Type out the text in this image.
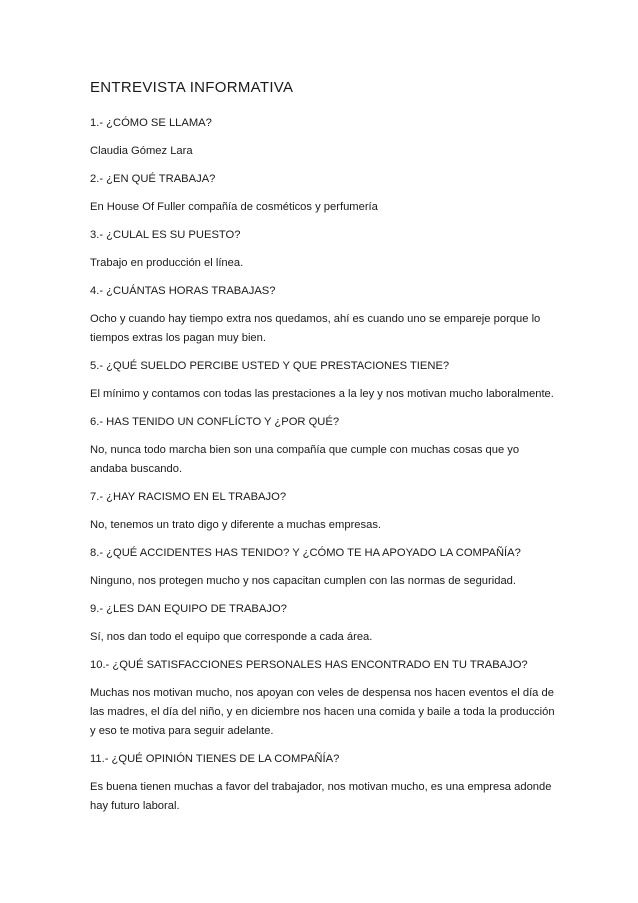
ENTREVISTA INFORMATIVA

1.- ¿CÓMO SE LLAMA?

Claudia Gómez Lara

2.- ¿EN QUÉ TRABAJA?

En House Of Fuller compañía de cosméticos y perfumería

3.- ¿CULAL ES SU PUESTO?

Trabajo en producción el línea.

4.- ¿CUÁNTAS HORAS TRABAJAS?

Ocho y cuando hay tiempo extra nos quedamos, ahí es cuando uno se empareje porque lo tiempos extras los pagan muy bien.

5.- ¿QUÉ SUELDO PERCIBE USTED Y QUE PRESTACIONES TIENE?

El mínimo y contamos con todas las prestaciones a la ley y nos motivan mucho laboralmente.

6.- HAS TENIDO UN CONFLÍCTO Y ¿POR QUÉ?

No, nunca todo marcha bien son una compañía que cumple con muchas cosas que yo andaba buscando.

7.- ¿HAY RACISMO EN EL TRABAJO?

No, tenemos un trato digo y diferente a muchas empresas.

8.- ¿QUÉ ACCIDENTES HAS TENIDO? Y ¿CÓMO TE HA APOYADO LA COMPAÑÍA?

Ninguno, nos protegen mucho y nos capacitan cumplen con las normas de seguridad.

9.- ¿LES DAN EQUIPO DE TRABAJO?

Sí, nos dan todo el equipo que corresponde a cada área.

10.- ¿QUÉ SATISFACCIONES PERSONALES HAS ENCONTRADO EN TU TRABAJO?

Muchas nos motivan mucho, nos apoyan con veles de despensa nos hacen eventos el día de las madres, el día del niño, y en diciembre nos hacen una comida y baile a toda la producción y eso te motiva para seguir adelante.

11.- ¿QUÉ OPINIÓN TIENES DE LA COMPAÑÍA?

Es buena tienen muchas a favor del trabajador, nos motivan mucho, es una empresa adonde hay futuro laboral.
